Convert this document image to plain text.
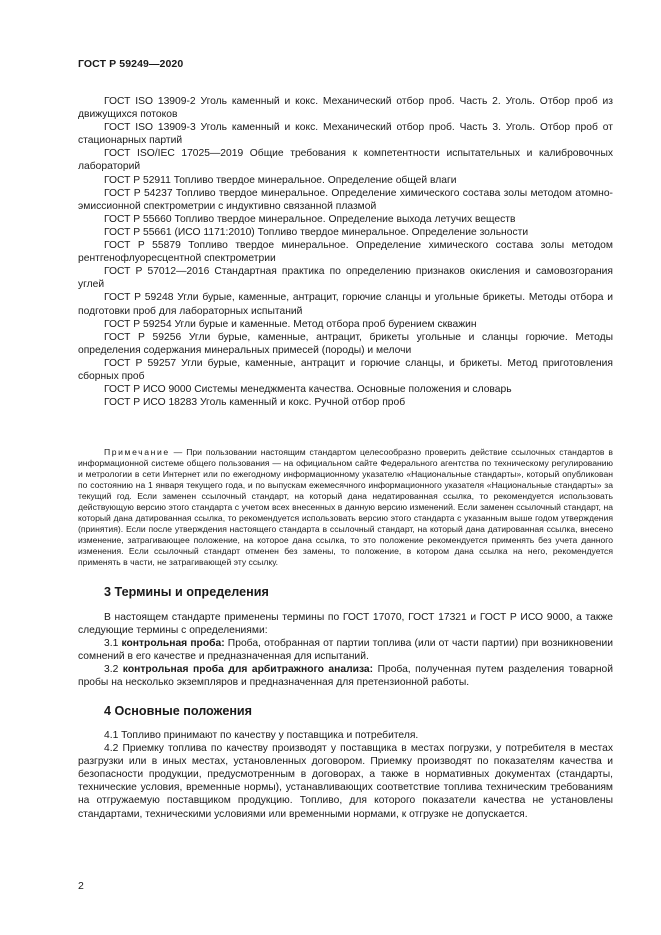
ГОСТ Р 59249—2020

ГОСТ ISO 13909-2 Уголь каменный и кокс. Механический отбор проб. Часть 2. Уголь. Отбор проб из движущихся потоков

ГОСТ ISO 13909-3 Уголь каменный и кокс. Механический отбор проб. Часть 3. Уголь. Отбор проб от стационарных партий

ГОСТ ISO/IEC 17025—2019 Общие требования к компетентности испытательных и калибровочных лабораторий

ГОСТ Р 52911 Топливо твердое минеральное. Определение общей влаги

ГОСТ Р 54237 Топливо твердое минеральное. Определение химического состава золы методом атомно-эмиссионной спектрометрии с индуктивно связанной плазмой

ГОСТ Р 55660 Топливо твердое минеральное. Определение выхода летучих веществ

ГОСТ Р 55661 (ИСО 1171:2010) Топливо твердое минеральное. Определение зольности

ГОСТ Р 55879 Топливо твердое минеральное. Определение химического состава золы методом рентгенофлуоресцентной спектрометрии

ГОСТ Р 57012—2016 Стандартная практика по определению признаков окисления и самовозгорания углей

ГОСТ Р 59248 Угли бурые, каменные, антрацит, горючие сланцы и угольные брикеты. Методы отбора и подготовки проб для лабораторных испытаний

ГОСТ Р 59254 Угли бурые и каменные. Метод отбора проб бурением скважин

ГОСТ Р 59256 Угли бурые, каменные, антрацит, брикеты угольные и сланцы горючие. Методы определения содержания минеральных примесей (породы) и мелочи

ГОСТ Р 59257 Угли бурые, каменные, антрацит и горючие сланцы, и брикеты. Метод приготовления сборных проб

ГОСТ Р ИСО 9000 Системы менеджмента качества. Основные положения и словарь

ГОСТ Р ИСО 18283 Уголь каменный и кокс. Ручной отбор проб

Примечание — При пользовании настоящим стандартом целесообразно проверить действие ссылочных стандартов в информационной системе общего пользования — на официальном сайте Федерального агентства по техническому регулированию и метрологии в сети Интернет или по ежегодному информационному указателю «Национальные стандарты», который опубликован по состоянию на 1 января текущего года, и по выпускам ежемесячного информационного указателя «Национальные стандарты» за текущий год. Если заменен ссылочный стандарт, на который дана недатированная ссылка, то рекомендуется использовать действующую версию этого стандарта с учетом всех внесенных в данную версию изменений. Если заменен ссылочный стандарт, на который дана датированная ссылка, то рекомендуется использовать версию этого стандарта с указанным выше годом утверждения (принятия). Если после утверждения настоящего стандарта в ссылочный стандарт, на который дана датированная ссылка, внесено изменение, затрагивающее положение, на которое дана ссылка, то это положение рекомендуется применять без учета данного изменения. Если ссылочный стандарт отменен без замены, то положение, в котором дана ссылка на него, рекомендуется применять в части, не затрагивающей эту ссылку.

3 Термины и определения

В настоящем стандарте применены термины по ГОСТ 17070, ГОСТ 17321 и ГОСТ Р ИСО 9000, а также следующие термины с определениями:

3.1 контрольная проба: Проба, отобранная от партии топлива (или от части партии) при возникновении сомнений в его качестве и предназначенная для испытаний.

3.2 контрольная проба для арбитражного анализа: Проба, полученная путем разделения товарной пробы на несколько экземпляров и предназначенная для претензионной работы.

4 Основные положения

4.1 Топливо принимают по качеству у поставщика и потребителя.

4.2 Приемку топлива по качеству производят у поставщика в местах погрузки, у потребителя в местах разгрузки или в иных местах, установленных договором. Приемку производят по показателям качества и безопасности продукции, предусмотренным в договорах, а также в нормативных документах (стандарты, технические условия, временные нормы), устанавливающих соответствие топлива техническим требованиям на отгружаемую поставщиком продукцию. Топливо, для которого показатели качества не установлены стандартами, техническими условиями или временными нормами, к отгрузке не допускается.

2
